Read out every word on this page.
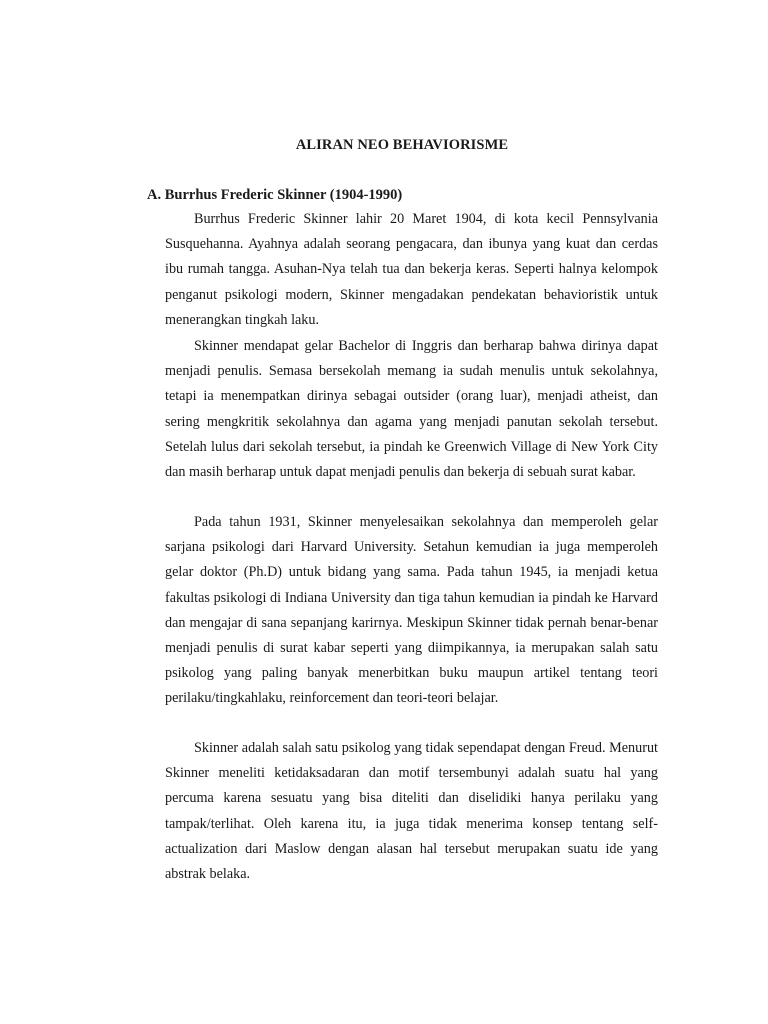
ALIRAN NEO BEHAVIORISME
A. Burrhus Frederic Skinner (1904-1990)

Burrhus Frederic Skinner lahir 20 Maret 1904, di kota kecil Pennsylvania Susquehanna. Ayahnya adalah seorang pengacara, dan ibunya yang kuat dan cerdas ibu rumah tangga. Asuhan-Nya telah tua dan bekerja keras. Seperti halnya kelompok penganut psikologi modern, Skinner mengadakan pendekatan behavioristik untuk menerangkan tingkah laku.

Skinner mendapat gelar Bachelor di Inggris dan berharap bahwa dirinya dapat menjadi penulis. Semasa bersekolah memang ia sudah menulis untuk sekolahnya, tetapi ia menempatkan dirinya sebagai outsider (orang luar), menjadi atheist, dan sering mengkritik sekolahnya dan agama yang menjadi panutan sekolah tersebut. Setelah lulus dari sekolah tersebut, ia pindah ke Greenwich Village di New York City dan masih berharap untuk dapat menjadi penulis dan bekerja di sebuah surat kabar.

Pada tahun 1931, Skinner menyelesaikan sekolahnya dan memperoleh gelar sarjana psikologi dari Harvard University. Setahun kemudian ia juga memperoleh gelar doktor (Ph.D) untuk bidang yang sama. Pada tahun 1945, ia menjadi ketua fakultas psikologi di Indiana University dan tiga tahun kemudian ia pindah ke Harvard dan mengajar di sana sepanjang karirnya. Meskipun Skinner tidak pernah benar-benar menjadi penulis di surat kabar seperti yang diimpikannya, ia merupakan salah satu psikolog yang paling banyak menerbitkan buku maupun artikel tentang teori perilaku/tingkahlaku, reinforcement dan teori-teori belajar.

Skinner adalah salah satu psikolog yang tidak sependapat dengan Freud. Menurut Skinner meneliti ketidaksadaran dan motif tersembunyi adalah suatu hal yang percuma karena sesuatu yang bisa diteliti dan diselidiki hanya perilaku yang tampak/terlihat. Oleh karena itu, ia juga tidak menerima konsep tentang self-actualization dari Maslow dengan alasan hal tersebut merupakan suatu ide yang abstrak belaka.
